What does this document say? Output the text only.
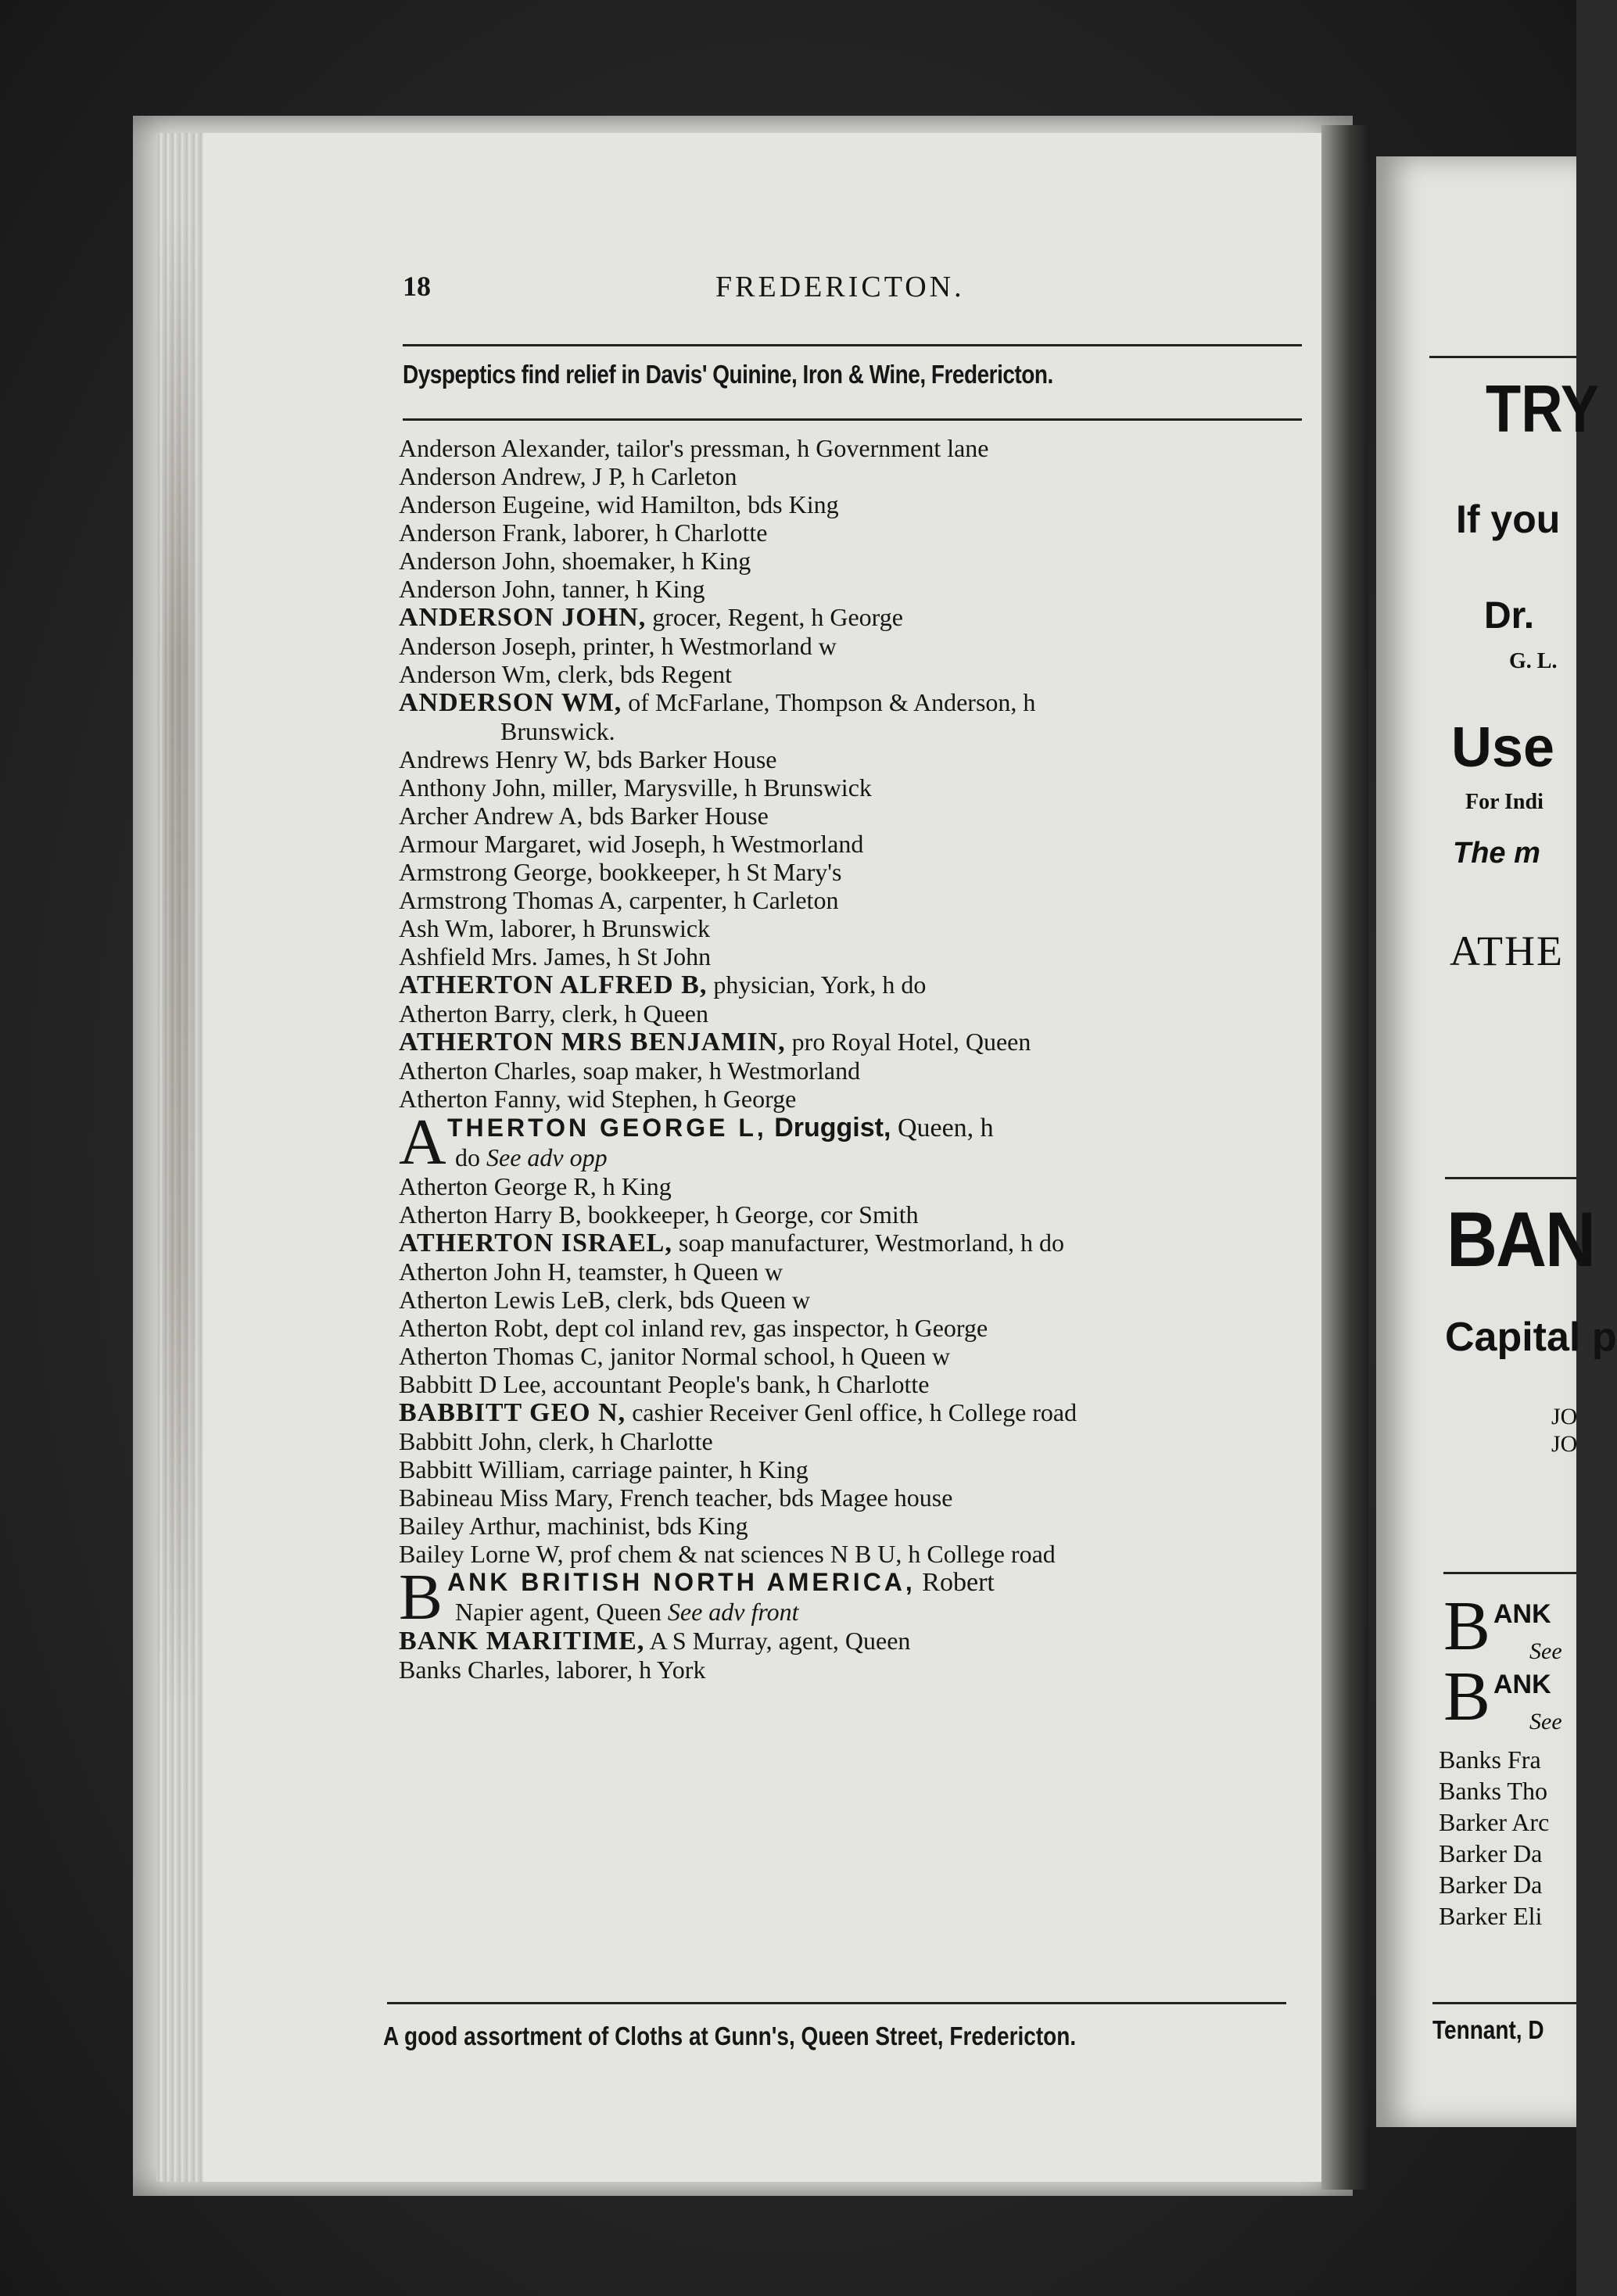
18	FREDERICTON.
Dyspeptics find relief in Davis' Quinine, Iron & Wine, Fredericton.
Anderson Alexander, tailor's pressman, h Government lane
Anderson Andrew, J P, h Carleton
Anderson Eugeine, wid Hamilton, bds King
Anderson Frank, laborer, h Charlotte
Anderson John, shoemaker, h King
Anderson John, tanner, h King
ANDERSON JOHN, grocer, Regent, h George
Anderson Joseph, printer, h Westmorland w
Anderson Wm, clerk, bds Regent
ANDERSON WM, of McFarlane, Thompson & Anderson, h
Brunswick.
Andrews Henry W, bds Barker House
Anthony John, miller, Marysville, h Brunswick
Archer Andrew A, bds Barker House
Armour Margaret, wid Joseph, h Westmorland
Armstrong George, bookkeeper, h St Mary's
Armstrong Thomas A, carpenter, h Carleton
Ash Wm, laborer, h Brunswick
Ashfield Mrs. James, h St John
ATHERTON ALFRED B, physician, York, h do
Atherton Barry, clerk, h Queen
ATHERTON MRS BENJAMIN, pro Royal Hotel, Queen
Atherton Charles, soap maker, h Westmorland
Atherton Fanny, wid Stephen, h George
A THERTON GEORGE L, Druggist, Queen, h
do See adv opp
Atherton George R, h King
Atherton Harry B, bookkeeper, h George, cor Smith
ATHERTON ISRAEL, soap manufacturer, Westmorland, h do
Atherton John H, teamster, h Queen w
Atherton Lewis LeB, clerk, bds Queen w
Atherton Robt, dept col inland rev, gas inspector, h George
Atherton Thomas C, janitor Normal school, h Queen w
Babbitt D Lee, accountant People's bank, h Charlotte
BABBITT GEO N, cashier Receiver Genl office, h College road
Babbitt John, clerk, h Charlotte
Babbitt William, carriage painter, h King
Babineau Miss Mary, French teacher, bds Magee house
Bailey Arthur, machinist, bds King
Bailey Lorne W, prof chem & nat sciences N B U, h College road
B ANK BRITISH NORTH AMERICA, Robert
Napier agent, Queen See adv front
BANK MARITIME, A S Murray, agent, Queen
Banks Charles, laborer, h York
A good assortment of Cloths at Gunn's, Queen Street, Fredericton.
TRY
If you
Dr.
G. L.
Use
For Indi
The m
ATHE
BAN
Capital p
JO
JO
B ANK
See
B ANK
See
Banks Fra
Banks Tho
Barker Arc
Barker Da
Barker Da
Barker Eli
Tennant, D
